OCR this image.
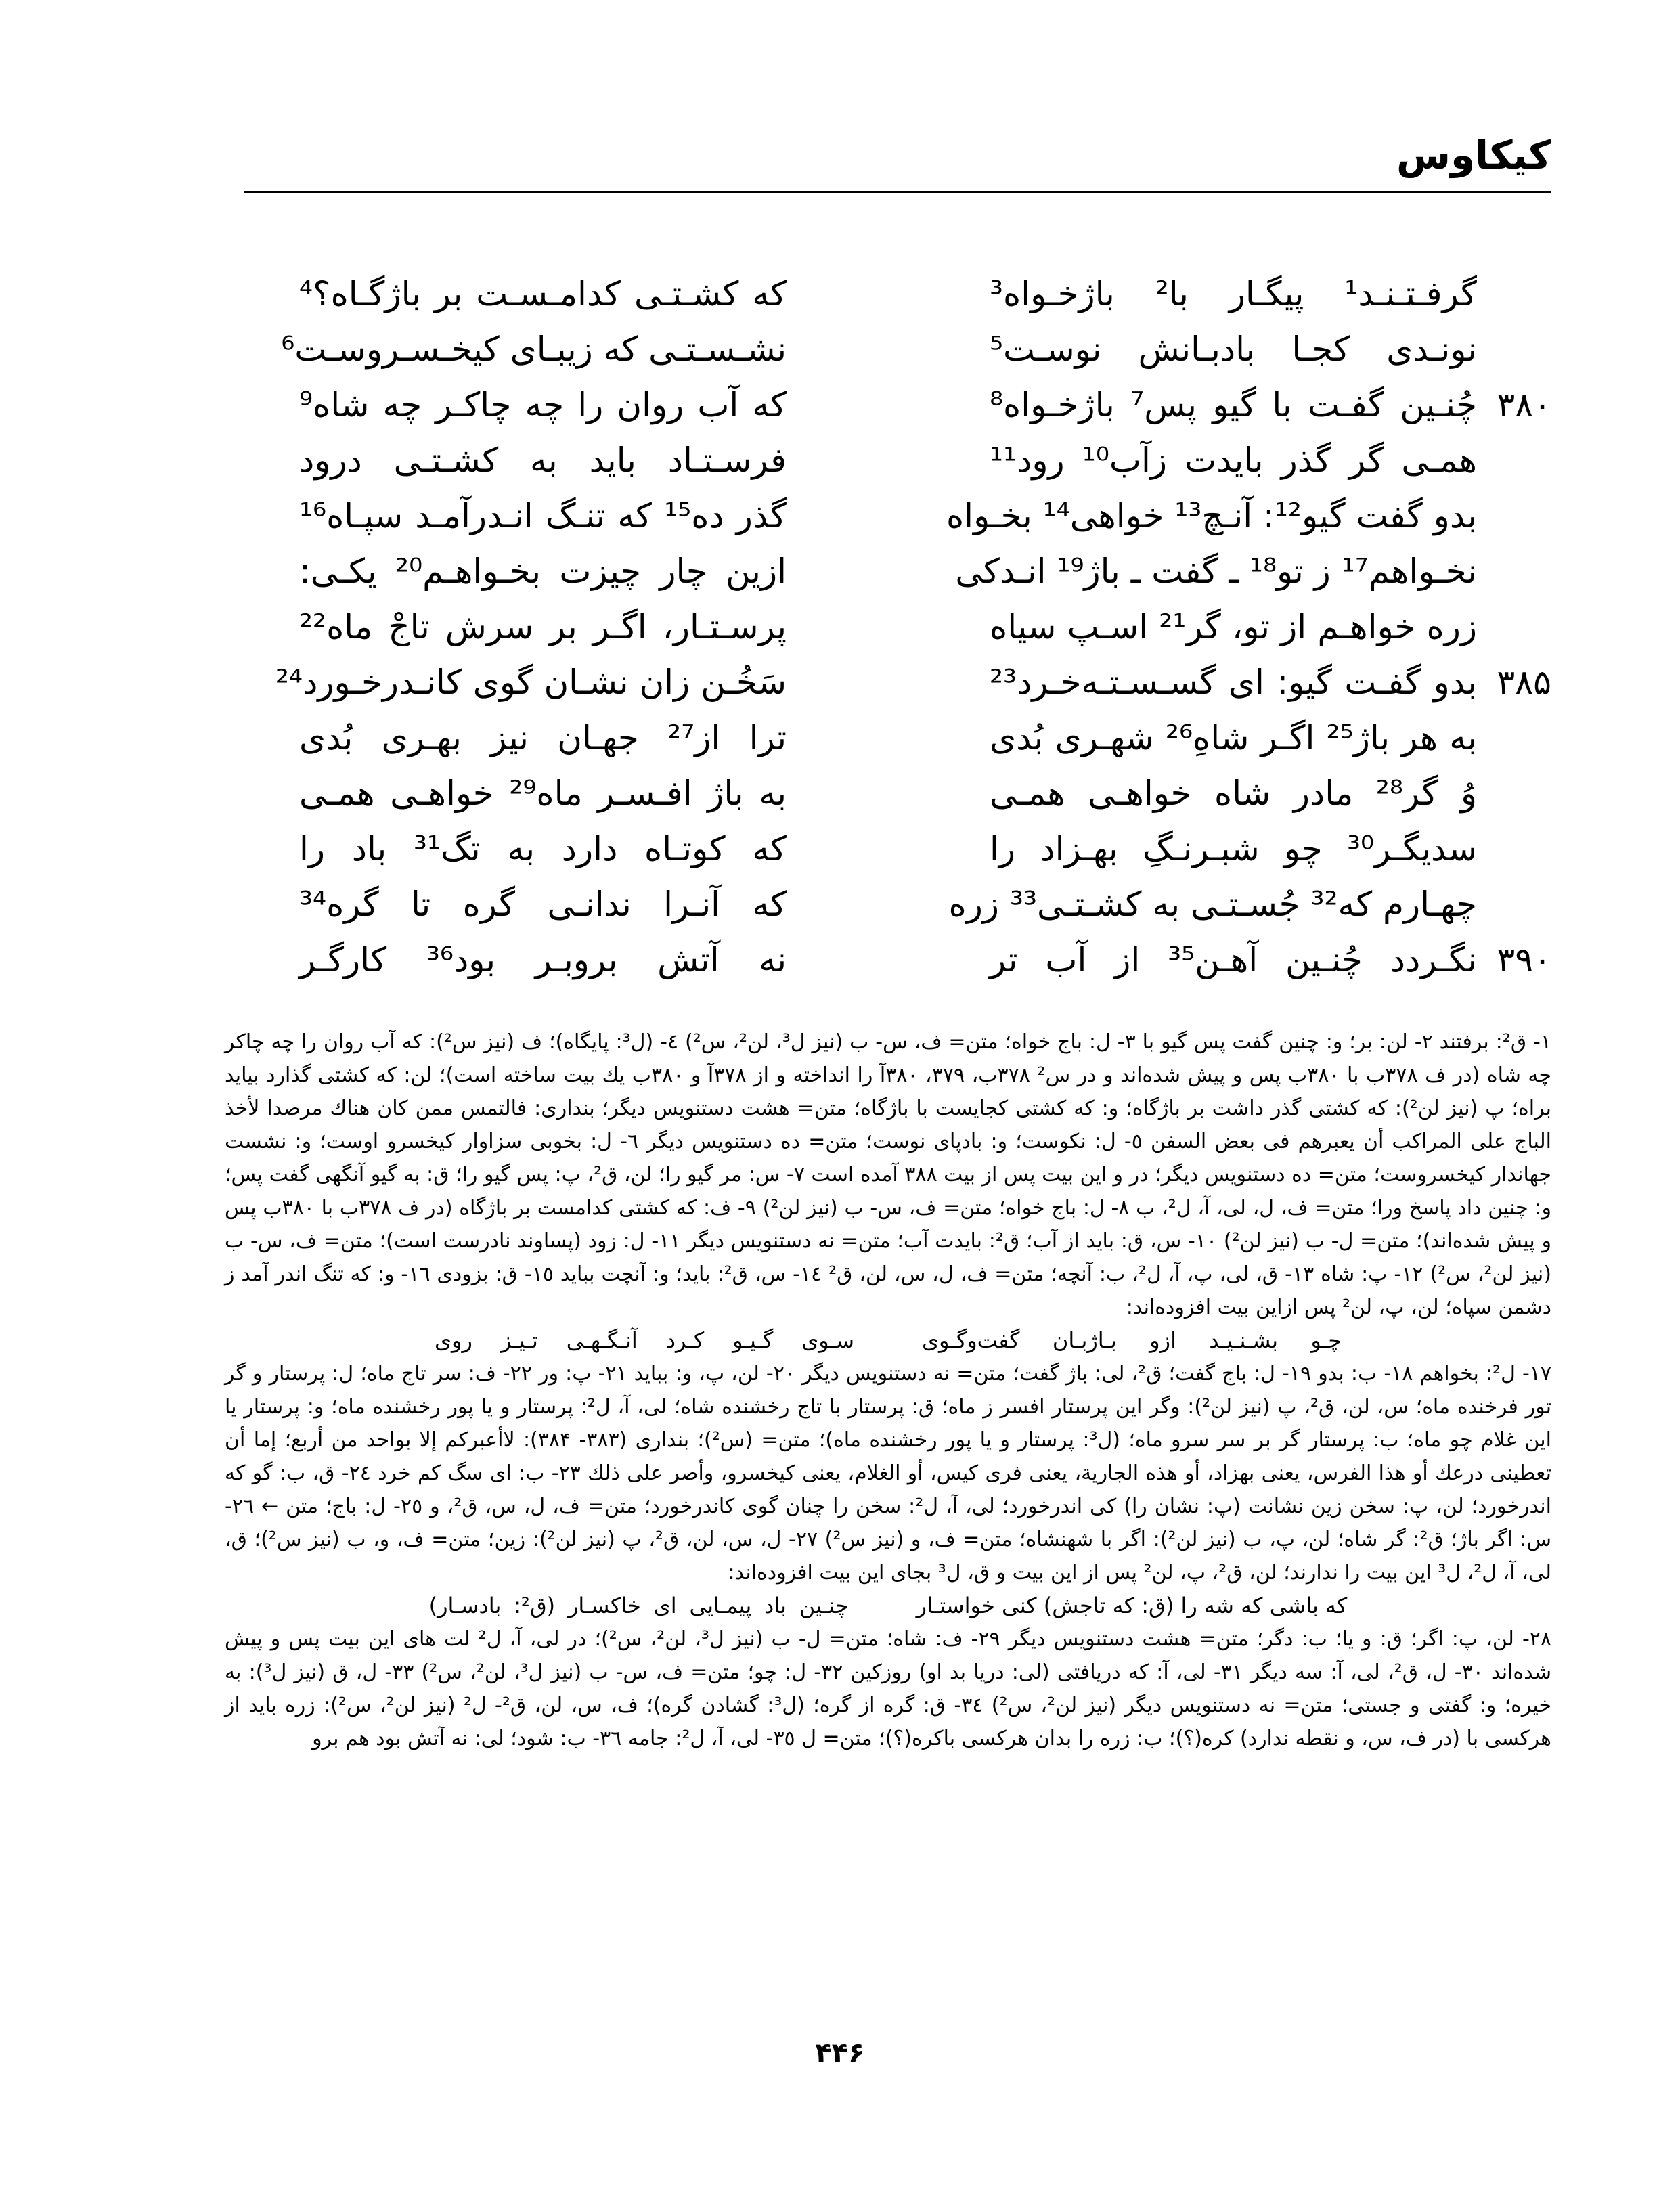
کیکاوس
گرفـتـنـد¹ پیگـار با² باژخـواه³
که کشـتـی کدامـسـت بر باژگـاه؟⁴
نونـدی کجـا بادبـانش نوسـت⁵
نشـسـتـی که زیبـای کیخـسـروسـت⁶
۳۸۰
چُنـین گفـت با گیو پس⁷ باژخـواه⁸
که آب روان را چه چاکـر چه شاه⁹
همـی گر گذر بایدت زآب¹⁰ رود¹¹
فرسـتـاد باید به کشـتـی درود
بدو گفت گیو¹²: آنـچ¹³ خواهی¹⁴ بخـواه
گذر ده¹⁵ که تنـگ انـدرآمـد سپـاه¹⁶
نخـواهم¹⁷ ز تو¹⁸ ـ گفت ـ باژ¹⁹ انـدکی
ازین چار چیزت بخـواهـم²⁰ یکـی:
زره خواهـم از تو، گر²¹ اسـپ سیاه
پرسـتـار، اگـر بر سرش تاجْ ماه²²
۳۸۵
بدو گفـت گیو: ای گسـسـتـه‌خـرد²³
سَخُـن زان نشـان گوی کانـدرخـورد²⁴
به هر باژ²⁵ اگـر شاهِ²⁶ شهـری بُدی
ترا از²⁷ جهـان نیز بهـری بُدی
وُ گر²⁸ مادر شاه خواهـی همـی
به باژ افـسـر ماه²⁹ خواهـی همـی
سدیگـر³⁰ چو شبـرنـگِ بهـزاد را
که کوتـاه دارد به تگ³¹ باد را
چهـارم که³² جُسـتـی به کشـتـی³³ زره
که آنـرا ندانـی گره تا گره³⁴
۳۹۰
نگـردد چُنـین آهـن³⁵ از آب تر
نه آتش بروبـر بود³⁶ کارگـر

۱- ق²: برفتند ۲- لن: بر؛ و: چنین گفت پس گیو با ۳- ل: باج خواه؛ متن= ف، س- ب (نیز ل³، لن²، س²) ٤- (ل³: پایگاه)؛ ف (نیز س²): که آب روان را چه چاکر چه شاه (در ف ۳۷۸ب با ۳۸۰ب پس و پیش شده‌اند و در س² ۳۷۸ب، ۳۷۹، ۳۸۰آ را انداخته و از ۳۷۸آ و ۳۸۰ب یك بیت ساخته است)؛ لن: که کشتی گذارد بیاید براه؛ پ (نیز لن²): که کشتی گذر داشت بر باژگاه؛ و: که کشتی کجایست با باژگاه؛ متن= هشت دستنویس دیگر؛ بنداری: فالتمس ممن کان هناك مرصدا لأخذ الباج علی المراكب أن یعبرهم فی بعض السفن ٥- ل: نكوست؛ و: بادپای نوست؛ متن= ده دستنویس دیگر ٦- ل: بخوبی سزاوار کیخسرو اوست؛ و: نشست جهاندار کیخسروست؛ متن= ده دستنویس دیگر؛ در و این بیت پس از بیت ۳۸۸ آمده است ۷- س: مر گیو را؛ لن، ق²، پ: پس گیو را؛ ق: به گیو آنگهی گفت پس؛ و: چنین داد پاسخ ورا؛ متن= ف، ل، لی، آ، ل²، ب ۸- ل: باج خواه؛ متن= ف، س- ب (نیز لن²) ۹- ف: که کشتی کدامست بر باژگاه (در ف ۳۷۸ب با ۳۸۰ب پس و پیش شده‌اند)؛ متن= ل- ب (نیز لن²) ۱۰- س، ق: باید از آب؛ ق²: بایدت آب؛ متن= نه دستنویس دیگر ۱۱- ل: زود (پساوند نادرست است)؛ متن= ف، س- ب (نیز لن²، س²) ۱۲- پ: شاه ۱۳- ق، لی، پ، آ، ل²، ب: آنچه؛ متن= ف، ل، س، لن، ق² ١٤- س، ق²: باید؛ و: آنچت بباید ١٥- ق: بزودی ١٦- و: که تنگ اندر آمد ز دشمن سپاه؛ لن، پ، لن² پس ازاین بیت افزوده‌اند:

چـو بشـنـیـد ازو بـاژبـان گفت‌وگـوی
سـوی گـیـو کـرد آنـگـهـی تـیـز روی

۱۷- ل²: بخواهم ۱۸- ب: بدو ۱۹- ل: باج گفت؛ ق²، لی: باژ گفت؛ متن= نه دستنویس دیگر ۲۰- لن، پ، و: بباید ۲۱- پ: ور ۲۲- ف: سر تاج ماه؛ ل: پرستار و گر تور فرخنده ماه؛ س، لن، ق²، پ (نیز لن²): وگر این پرستار افسر ز ماه؛ ق: پرستار با تاج رخشنده شاه؛ لی، آ، ل²: پرستار و یا پور رخشنده ماه؛ و: پرستار یا این غلام چو ماه؛ ب: پرستار گر بر سر سرو ماه؛ (ل³: پرستار و یا پور رخشنده ماه)؛ متن= (س²)؛ بنداری (۳۸۳- ۳۸۴): لاأعبركم إلا بواحد من أربع؛ إما أن تعطینی درعك أو هذا الفرس، یعنی بهزاد، أو هذه الجاریة، یعنی فری كیس، أو الغلام، یعنی كیخسرو، وأصر علی ذلك ۲۳- ب: ای سگ كم خرد ۲٤- ق، ب: گو كه اندرخورد؛ لن، پ: سخن زین نشانت (پ: نشان را) كی اندرخورد؛ لی، آ، ل²: سخن را چنان گوی كاندرخورد؛ متن= ف، ل، س، ق²، و ۲٥- ل: باج؛ متن ← ۲٦- س: اگر باژ؛ ق²: گر شاه؛ لن، پ، ب (نیز لن²): اگر با شهنشاه؛ متن= ف، و (نیز س²) ۲۷- ل، س، لن، ق²، پ (نیز لن²): زین؛ متن= ف، و، ب (نیز س²)؛ ق، لی، آ، ل²، ل³ این بیت را ندارند؛ لن، ق²، پ، لن² پس از این بیت و ق، ل³ بجای این بیت افزوده‌اند:

كه باشی كه شه را (ق: كه تاجش) كنی خواستـار
چنـین باد پیمـایی ای خاكسـار (ق²: بادسـار)

۲۸- لن، پ: اگر؛ ق: و یا؛ ب: دگر؛ متن= هشت دستنویس دیگر ۲۹- ف: شاه؛ متن= ل- ب (نیز ل³، لن²، س²)؛ در لی، آ، ل² لت های این بیت پس و پیش شده‌اند ۳۰- ل، ق²، لی، آ: سه دیگر ۳۱- لی، آ: كه دریافتی (لی: دریا بد او) روزكین ۳۲- ل: چو؛ متن= ف، س- ب (نیز ل³، لن²، س²) ۳۳- ل، ق (نیز ل³): به خیره؛ و: گفتی و جستی؛ متن= نه دستنویس دیگر (نیز لن²، س²) ۳٤- ق: گره از گره؛ (ل³: گشادن گره)؛ ف، س، لن، ق²- ل² (نیز لن²، س²): زره باید از هركسی با (در ف، س، و نقطه ندارد) كره(؟)؛ ب: زره را بدان هركسی باكره(؟)؛ متن= ل ۳٥- لی، آ، ل²: جامه ۳٦- ب: شود؛ لی: نه آتش بود هم برو

۴۴۶
